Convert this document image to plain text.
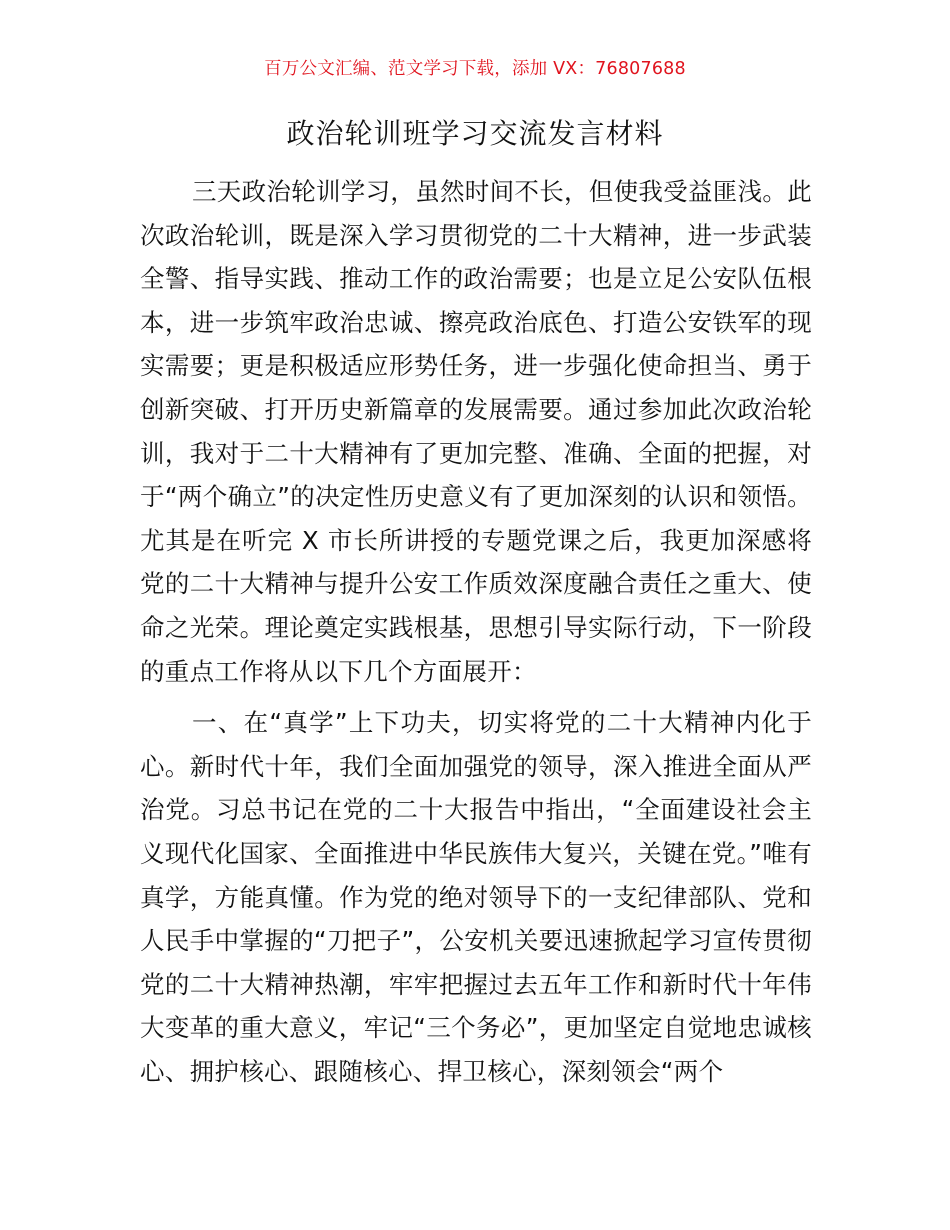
百万公文汇编、范文学习下载，添加 VX：76807688
政治轮训班学习交流发言材料

三天政治轮训学习，虽然时间不长，但使我受益匪浅。此次政治轮训，既是深入学习贯彻党的二十大精神，进一步武装全警、指导实践、推动工作的政治需要；也是立足公安队伍根本，进一步筑牢政治忠诚、擦亮政治底色、打造公安铁军的现实需要；更是积极适应形势任务，进一步强化使命担当、勇于创新突破、打开历史新篇章的发展需要。通过参加此次政治轮训，我对于二十大精神有了更加完整、准确、全面的把握，对于“两个确立”的决定性历史意义有了更加深刻的认识和领悟。尤其是在听完 X 市长所讲授的专题党课之后，我更加深感将党的二十大精神与提升公安工作质效深度融合责任之重大、使命之光荣。理论奠定实践根基，思想引导实际行动，下一阶段的重点工作将从以下几个方面展开：

一、在“真学”上下功夫，切实将党的二十大精神内化于心。新时代十年，我们全面加强党的领导，深入推进全面从严治党。习总书记在党的二十大报告中指出，“全面建设社会主义现代化国家、全面推进中华民族伟大复兴，关键在党。”唯有真学，方能真懂。作为党的绝对领导下的一支纪律部队、党和人民手中掌握的“刀把子”，公安机关要迅速掀起学习宣传贯彻党的二十大精神热潮，牢牢把握过去五年工作和新时代十年伟大变革的重大意义，牢记“三个务必”，更加坚定自觉地忠诚核心、拥护核心、跟随核心、捍卫核心，深刻领会“两个
